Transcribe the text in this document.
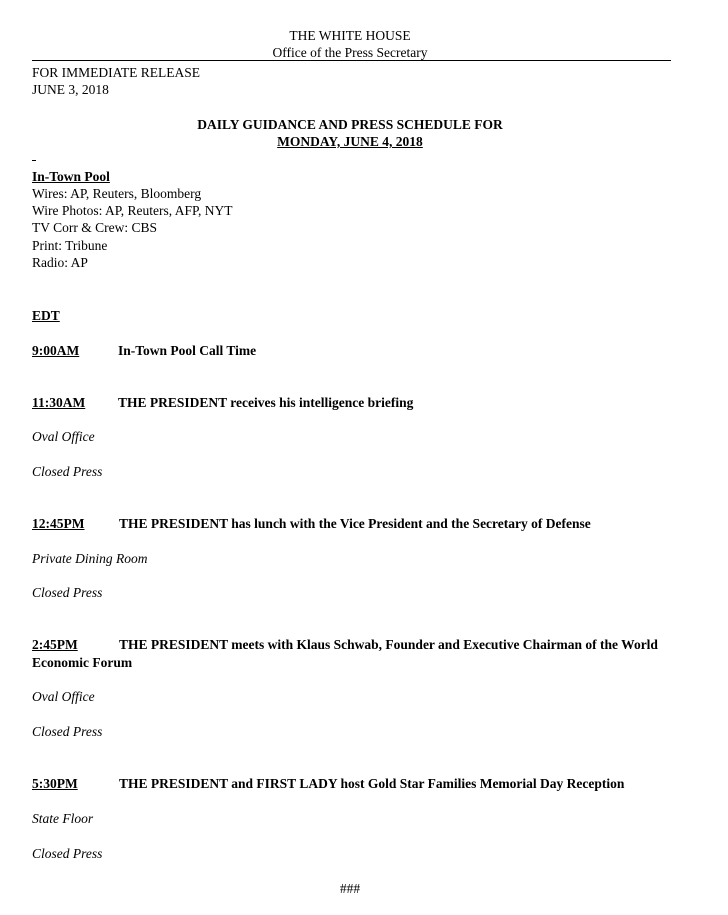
THE WHITE HOUSE
Office of the Press Secretary
FOR IMMEDIATE RELEASE
JUNE 3, 2018
DAILY GUIDANCE AND PRESS SCHEDULE FOR
MONDAY, JUNE 4, 2018
In-Town Pool
Wires: AP, Reuters, Bloomberg
Wire Photos: AP, Reuters, AFP, NYT
TV Corr & Crew: CBS
Print: Tribune
Radio: AP
EDT
9:00AM	In-Town Pool Call Time
11:30AM THE PRESIDENT receives his intelligence briefing
Oval Office
Closed Press
12:45PM	THE PRESIDENT has lunch with the Vice President and the Secretary of Defense
Private Dining Room
Closed Press
2:45PM	THE PRESIDENT meets with Klaus Schwab, Founder and Executive Chairman of the World
Economic Forum
Oval Office
Closed Press
5:30PM	THE PRESIDENT and FIRST LADY host Gold Star Families Memorial Day Reception
State Floor
Closed Press
###
